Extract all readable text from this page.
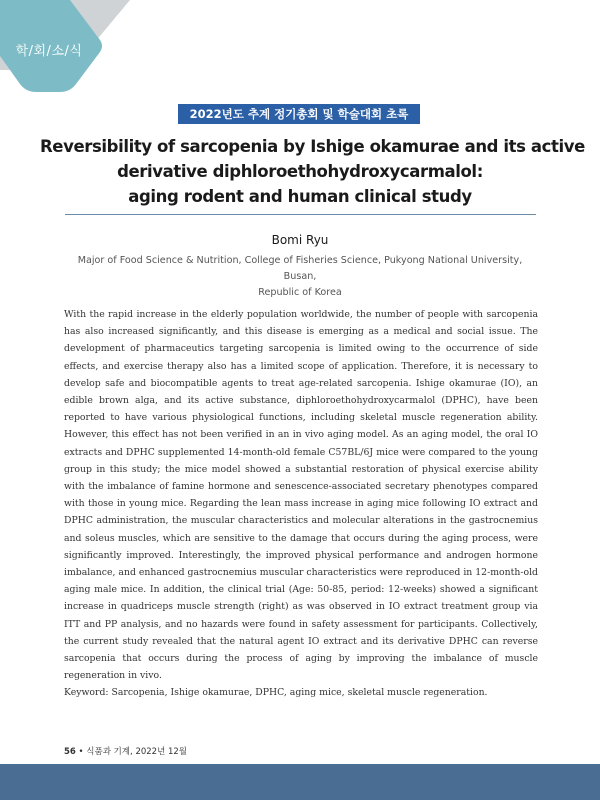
학/회/소/식
2022년도 추계 정기총회 및 학술대회 초록
Reversibility of sarcopenia by Ishige okamurae and its active
derivative diphloroethohydroxycarmalol:
aging rodent and human clinical study
Bomi Ryu
Major of Food Science & Nutrition, College of Fisheries Science, Pukyong National University, Busan,
Republic of Korea
With the rapid increase in the elderly population worldwide, the number of people with sarcopenia has also increased significantly, and this disease is emerging as a medical and social issue. The development of pharmaceutics targeting sarcopenia is limited owing to the occurrence of side effects, and exercise therapy also has a limited scope of application. Therefore, it is necessary to develop safe and biocompatible agents to treat age-related sarcopenia. Ishige okamurae (IO), an edible brown alga, and its active substance, diphloroethohydroxycarmalol (DPHC), have been reported to have various physiological functions, including skeletal muscle regeneration ability. However, this effect has not been verified in an in vivo aging model. As an aging model, the oral IO extracts and DPHC supplemented 14-month-old female C57BL/6J mice were compared to the young group in this study; the mice model showed a substantial restoration of physical exercise ability with the imbalance of famine hormone and senescence-associated secretary phenotypes compared with those in young mice. Regarding the lean mass increase in aging mice following IO extract and DPHC administration, the muscular characteristics and molecular alterations in the gastrocnemius and soleus muscles, which are sensitive to the damage that occurs during the aging process, were significantly improved. Interestingly, the improved physical performance and androgen hormone imbalance, and enhanced gastrocnemius muscular characteristics were reproduced in 12-month-old aging male mice. In addition, the clinical trial (Age: 50-85, period: 12-weeks) showed a significant increase in quadriceps muscle strength (right) as was observed in IO extract treatment group via ITT and PP analysis, and no hazards were found in safety assessment for participants. Collectively, the current study revealed that the natural agent IO extract and its derivative DPHC can reverse sarcopenia that occurs during the process of aging by improving the imbalance of muscle regeneration in vivo.
Keyword: Sarcopenia, Ishige okamurae, DPHC, aging mice, skeletal muscle regeneration.
56 • 식품과 기계, 2022년 12월
